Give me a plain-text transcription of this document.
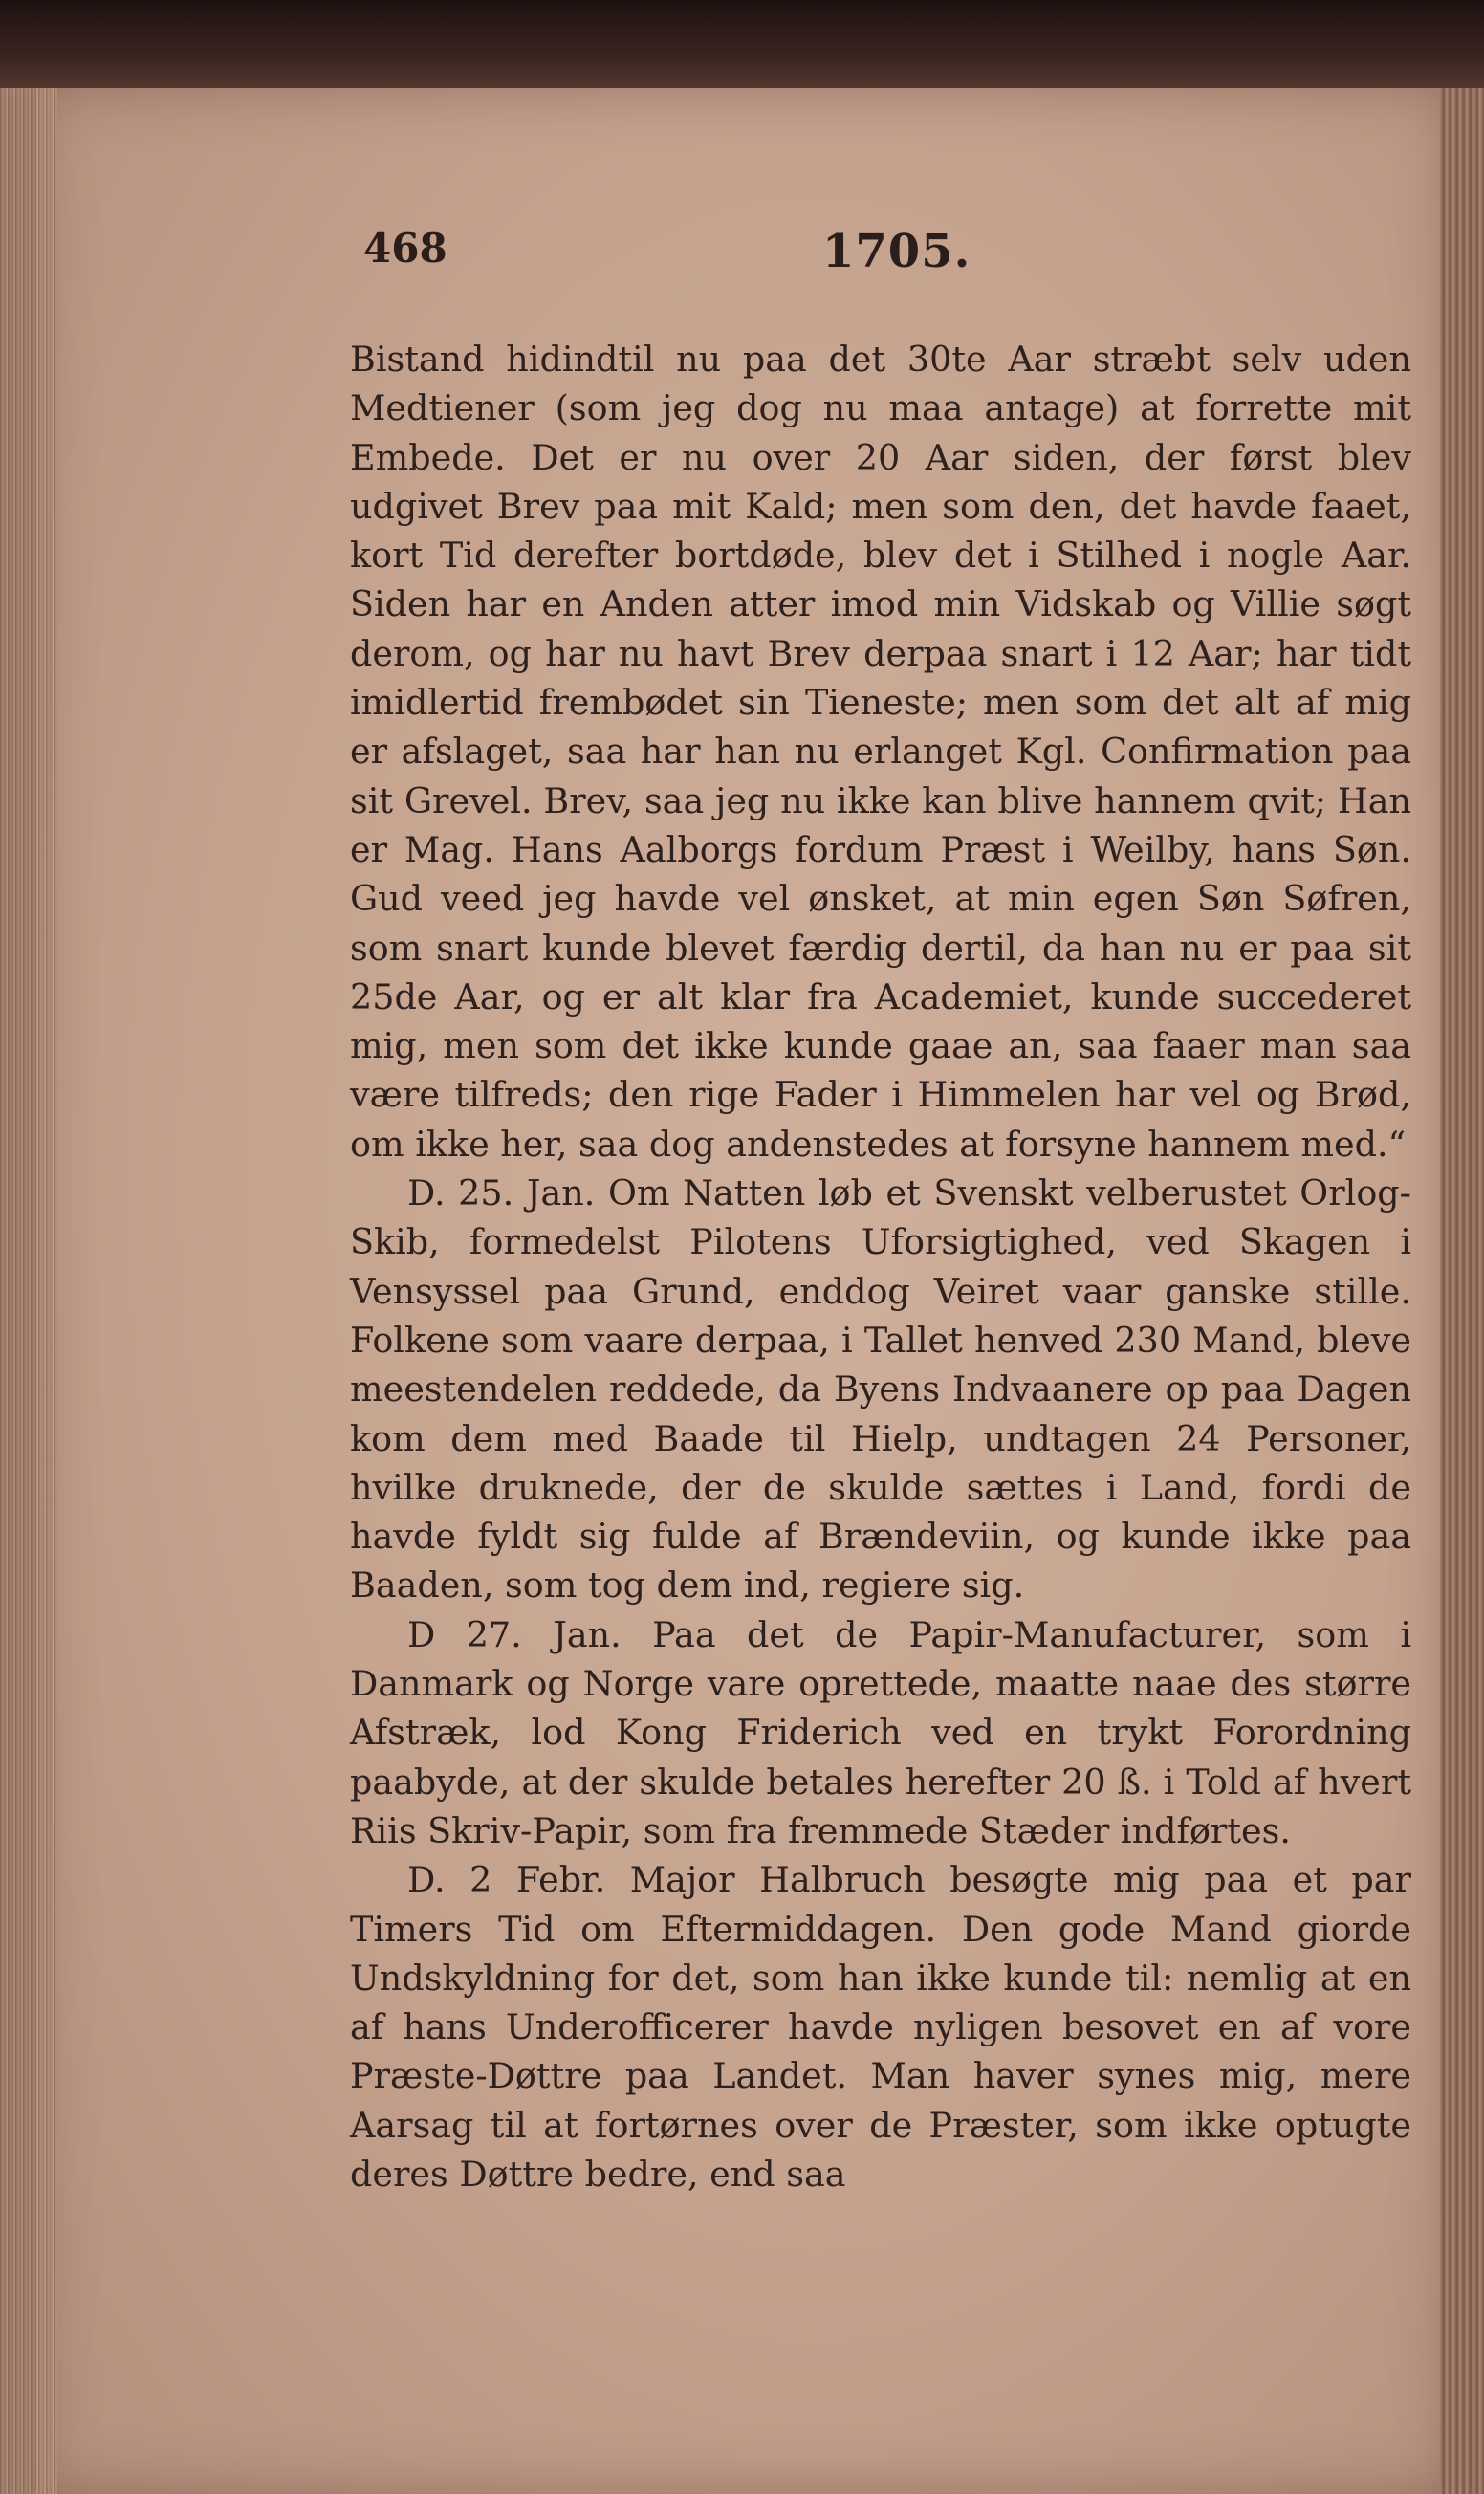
468	1705.

Bistand hidindtil nu paa det 30te Aar stræbt selv uden Medtiener (som jeg dog nu maa antage) at forrette mit Embede. Det er nu over 20 Aar siden, der først blev udgivet Brev paa mit Kald; men som den, det havde faaet, kort Tid derefter bortdøde, blev det i Stilhed i nogle Aar. Siden har en Anden atter imod min Vidskab og Villie søgt derom, og har nu havt Brev derpaa snart i 12 Aar; har tidt imidlertid frembødet sin Tieneste; men som det alt af mig er afslaget, saa har han nu erlanget Kgl. Confirmation paa sit Grevel. Brev, saa jeg nu ikke kan blive hannem qvit; Han er Mag. Hans Aalborgs fordum Præst i Weilby, hans Søn. Gud veed jeg havde vel ønsket, at min egen Søn Søfren, som snart kunde blevet færdig dertil, da han nu er paa sit 25de Aar, og er alt klar fra Academiet, kunde succederet mig, men som det ikke kunde gaae an, saa faaer man saa være tilfreds; den rige Fader i Himmelen har vel og Brød, om ikke her, saa dog andenstedes at forsyne hannem med.“

D. 25. Jan. Om Natten løb et Svenskt velberustet Orlog-Skib, formedelst Pilotens Uforsigtighed, ved Skagen i Vensyssel paa Grund, enddog Veiret vaar ganske stille. Folkene som vaare derpaa, i Tallet henved 230 Mand, bleve meestendelen reddede, da Byens Indvaanere op paa Dagen kom dem med Baade til Hielp, undtagen 24 Personer, hvilke druknede, der de skulde sættes i Land, fordi de havde fyldt sig fulde af Brændeviin, og kunde ikke paa Baaden, som tog dem ind, regiere sig.

D 27. Jan. Paa det de Papir-Manufacturer, som i Danmark og Norge vare oprettede, maatte naae des større Afstræk, lod Kong Friderich ved en trykt Forordning paabyde, at der skulde betales herefter 20 ß. i Told af hvert Riis Skriv-Papir, som fra fremmede Stæder indførtes.

D. 2 Febr. Major Halbruch besøgte mig paa et par Timers Tid om Eftermiddagen. Den gode Mand giorde Undskyldning for det, som han ikke kunde til: nemlig at en af hans Underofficerer havde nyligen besovet en af vore Præste-Døttre paa Landet. Man haver synes mig, mere Aarsag til at fortørnes over de Præster, som ikke optugte deres Døttre bedre, end saa
